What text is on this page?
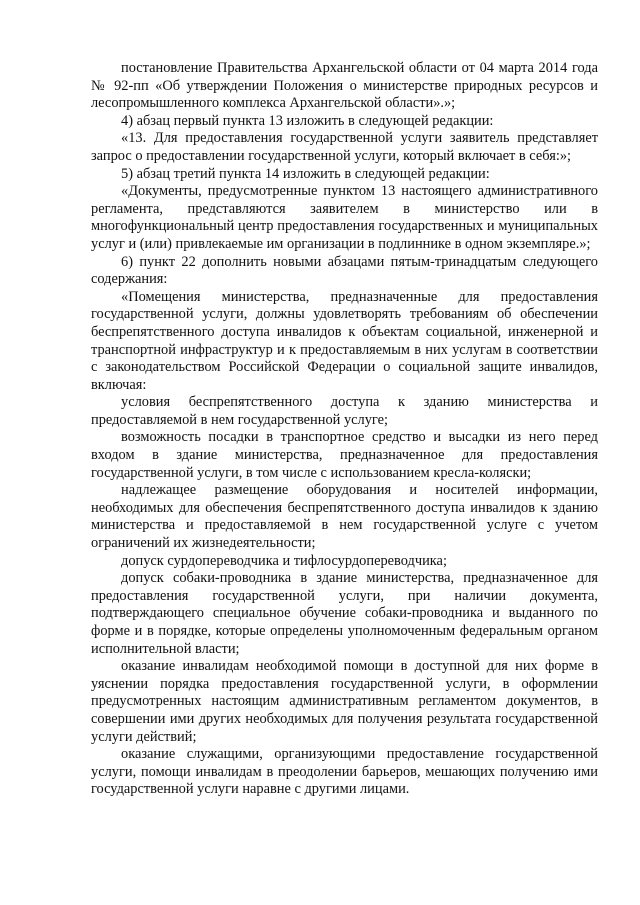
постановление Правительства Архангельской области от 04 марта 2014 года № 92-пп «Об утверждении Положения о министерстве природных ресурсов и лесопромышленного комплекса Архангельской области».»;

4) абзац первый пункта 13 изложить в следующей редакции:

«13. Для предоставления государственной услуги заявитель представляет запрос о предоставлении государственной услуги, который включает в себя:»;

5) абзац третий пункта 14 изложить в следующей редакции:

«Документы, предусмотренные пунктом 13 настоящего административного регламента, представляются заявителем в министерство или в многофункциональный центр предоставления государственных и муниципальных услуг и (или) привлекаемые им организации в подлиннике в одном экземпляре.»;

6) пункт 22 дополнить новыми абзацами пятым-тринадцатым следующего содержания:

«Помещения министерства, предназначенные для предоставления государственной услуги, должны удовлетворять требованиям об обеспечении беспрепятственного доступа инвалидов к объектам социальной, инженерной и транспортной инфраструктур и к предоставляемым в них услугам в соответствии с законодательством Российской Федерации о социальной защите инвалидов, включая:

условия беспрепятственного доступа к зданию министерства и предоставляемой в нем государственной услуге;

возможность посадки в транспортное средство и высадки из него перед входом в здание министерства, предназначенное для предоставления государственной услуги, в том числе с использованием кресла-коляски;

надлежащее размещение оборудования и носителей информации, необходимых для обеспечения беспрепятственного доступа инвалидов к зданию министерства и предоставляемой в нем государственной услуге с учетом ограничений их жизнедеятельности;

допуск сурдопереводчика и тифлосурдопереводчика;

допуск собаки-проводника в здание министерства, предназначенное для предоставления государственной услуги, при наличии документа, подтверждающего специальное обучение собаки-проводника и выданного по форме и в порядке, которые определены уполномоченным федеральным органом исполнительной власти;

оказание инвалидам необходимой помощи в доступной для них форме в уяснении порядка предоставления государственной услуги, в оформлении предусмотренных настоящим административным регламентом документов, в совершении ими других необходимых для получения результата государственной услуги действий;

оказание служащими, организующими предоставление государственной услуги, помощи инвалидам в преодолении барьеров, мешающих получению ими государственной услуги наравне с другими лицами.
